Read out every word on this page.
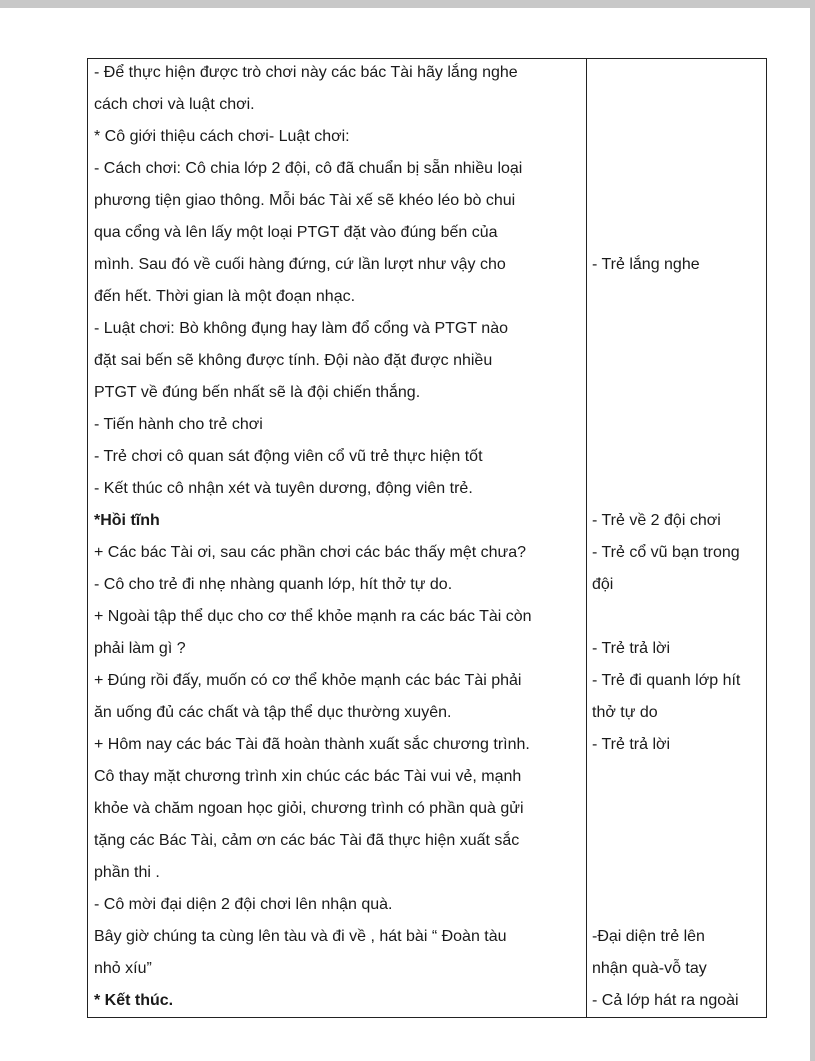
- Để thực hiện được trò chơi này các bác Tài hãy lắng nghe
cách chơi và luật chơi.
* Cô giới thiệu cách chơi- Luật chơi:
- Cách chơi: Cô chia lớp 2 đội, cô đã chuẩn bị sẵn nhiều loại
phương tiện giao thông. Mỗi bác Tài xế sẽ khéo léo bò chui
qua cổng và lên lấy một loại PTGT đặt vào đúng bến của
mình. Sau đó về cuối hàng đứng, cứ lần lượt như vậy cho
đến hết. Thời gian là một đoạn nhạc.
- Luật chơi: Bò không đụng hay làm đổ cổng và PTGT nào
đặt sai bến sẽ không được tính. Đội nào đặt được nhiều
PTGT về đúng bến nhất sẽ là đội chiến thắng.
- Tiến hành cho trẻ chơi
- Trẻ chơi cô quan sát động viên cổ vũ trẻ thực hiện tốt
- Kết thúc cô nhận xét và tuyên dương, động viên trẻ.
*Hồi tĩnh
+ Các bác Tài ơi, sau các phần chơi các bác thấy mệt chưa?
- Cô cho trẻ đi nhẹ nhàng quanh lớp, hít thở tự do.
+ Ngoài tập thể dục cho cơ thể khỏe mạnh ra các bác Tài còn
phải làm gì ?
+ Đúng rồi đấy, muốn có cơ thể khỏe mạnh các bác Tài phải
ăn uống đủ các chất và tập thể dục thường xuyên.
+ Hôm nay các bác Tài đã hoàn thành xuất sắc chương trình.
Cô thay mặt chương trình xin chúc các bác Tài vui vẻ, mạnh
khỏe và chăm ngoan học giỏi, chương trình có phần quà gửi
tặng các Bác Tài, cảm ơn các bác Tài đã thực hiện xuất sắc
phần thi .
- Cô mời đại diện 2 đội chơi lên nhận quà.
Bây giờ chúng ta cùng lên tàu và đi về , hát bài “ Đoàn tàu
nhỏ xíu”
* Kết thúc.
- Trẻ lắng nghe
- Trẻ về 2 đội chơi
- Trẻ cổ vũ bạn trong
đội
- Trẻ trả lời
- Trẻ đi quanh lớp hít
thở tự do
- Trẻ trả lời
-Đại diện trẻ lên
nhận quà-vỗ tay
- Cả lớp hát ra ngoài
